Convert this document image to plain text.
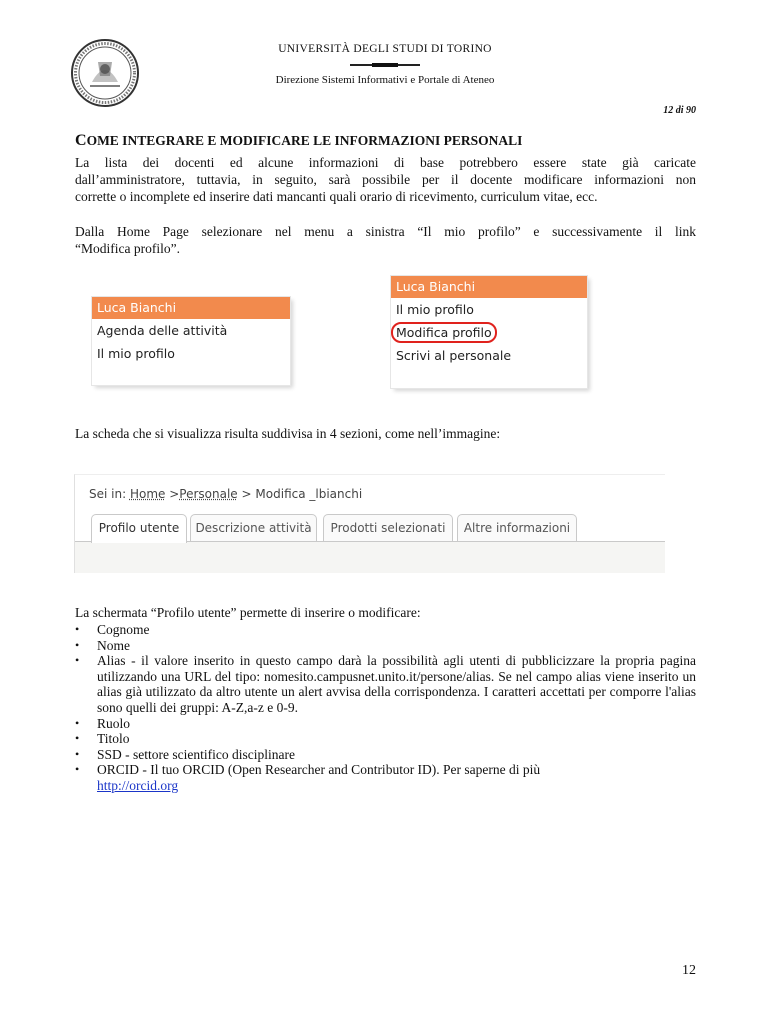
UNIVERSITÀ DEGLI STUDI DI TORINO
Direzione Sistemi Informativi e Portale di Ateneo
12 di 90
COME INTEGRARE E MODIFICARE LE INFORMAZIONI PERSONALI
La lista dei docenti ed alcune informazioni di base potrebbero essere state già caricate
dall’amministratore, tuttavia, in seguito, sarà possibile per il docente modificare informazioni non
corrette o incomplete ed inserire dati mancanti quali orario di ricevimento, curriculum vitae, ecc.
Dalla Home Page selezionare nel menu a sinistra “Il mio profilo” e successivamente il link
“Modifica profilo”.
Luca Bianchi
Agenda delle attività
Il mio profilo
Luca Bianchi
Il mio profilo
Modifica profilo
Scrivi al personale
La scheda che si visualizza risulta suddivisa in 4 sezioni, come nell’immagine:
Sei in: Home >Personale > Modifica _lbianchi
Profilo utente	Descrizione attività	Prodotti selezionati	Altre informazioni
La schermata “Profilo utente” permette di inserire o modificare:
• Cognome
• Nome
• Alias - il valore inserito in questo campo darà la possibilità agli utenti di pubblicizzare la propria pagina utilizzando una URL del tipo: nomesito.campusnet.unito.it/persone/alias. Se nel campo alias viene inserito un alias già utilizzato da altro utente un alert avvisa della corrispondenza. I caratteri accettati per comporre l'alias sono quelli dei gruppi: A-Z,a-z e 0-9.
• Ruolo
• Titolo
• SSD - settore scientifico disciplinare
• ORCID - Il tuo ORCID (Open Researcher and Contributor ID). Per saperne di più
http://orcid.org
12
